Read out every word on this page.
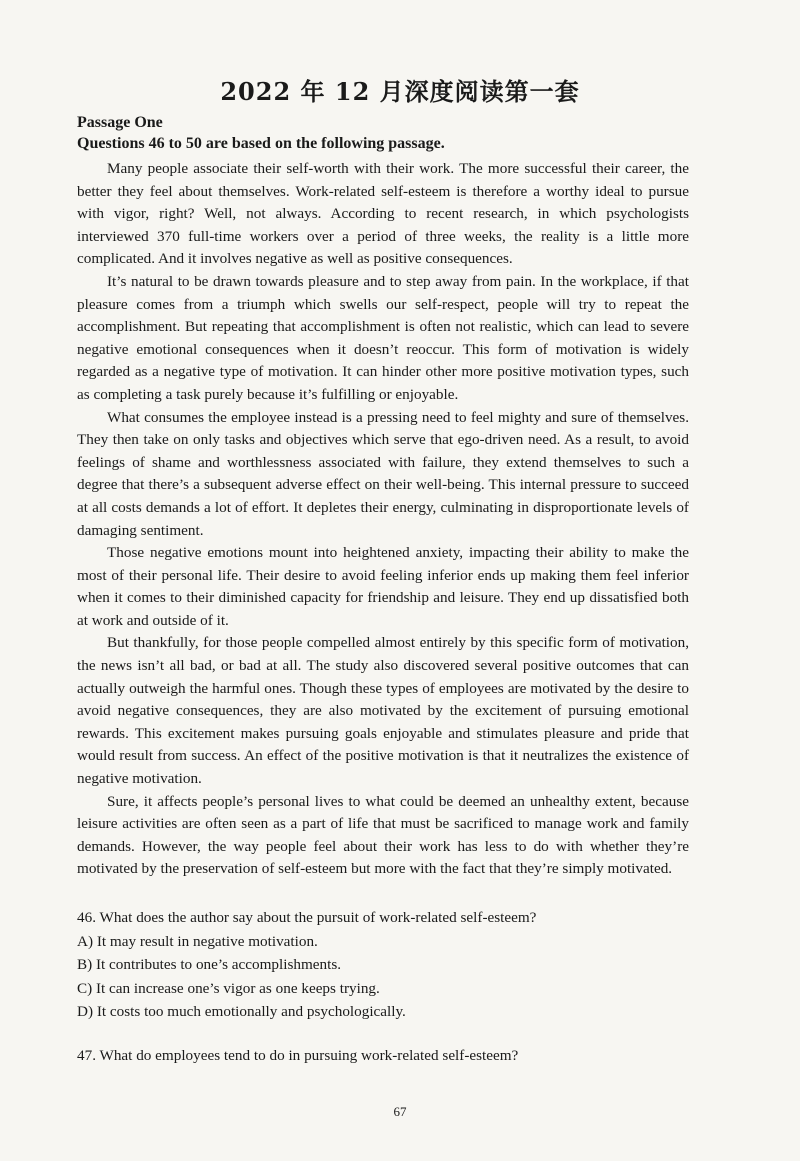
2022 年 12 月深度阅读第一套
Passage One
Questions 46 to 50 are based on the following passage.

Many people associate their self-worth with their work. The more successful their career, the better they feel about themselves. Work-related self-esteem is therefore a worthy ideal to pursue with vigor, right? Well, not always. According to recent research, in which psychologists interviewed 370 full-time workers over a period of three weeks, the reality is a little more complicated. And it involves negative as well as positive consequences.

It’s natural to be drawn towards pleasure and to step away from pain. In the workplace, if that pleasure comes from a triumph which swells our self-respect, people will try to repeat the accomplishment. But repeating that accomplishment is often not realistic, which can lead to severe negative emotional consequences when it doesn’t reoccur. This form of motivation is widely regarded as a negative type of motivation. It can hinder other more positive motivation types, such as completing a task purely because it’s fulfilling or enjoyable.

What consumes the employee instead is a pressing need to feel mighty and sure of themselves. They then take on only tasks and objectives which serve that ego-driven need. As a result, to avoid feelings of shame and worthlessness associated with failure, they extend themselves to such a degree that there’s a subsequent adverse effect on their well-being. This internal pressure to succeed at all costs demands a lot of effort. It depletes their energy, culminating in disproportionate levels of damaging sentiment.

Those negative emotions mount into heightened anxiety, impacting their ability to make the most of their personal life. Their desire to avoid feeling inferior ends up making them feel inferior when it comes to their diminished capacity for friendship and leisure. They end up dissatisfied both at work and outside of it.

But thankfully, for those people compelled almost entirely by this specific form of motivation, the news isn’t all bad, or bad at all. The study also discovered several positive outcomes that can actually outweigh the harmful ones. Though these types of employees are motivated by the desire to avoid negative consequences, they are also motivated by the excitement of pursuing emotional rewards. This excitement makes pursuing goals enjoyable and stimulates pleasure and pride that would result from success. An effect of the positive motivation is that it neutralizes the existence of negative motivation.

Sure, it affects people’s personal lives to what could be deemed an unhealthy extent, because leisure activities are often seen as a part of life that must be sacrificed to manage work and family demands. However, the way people feel about their work has less to do with whether they’re motivated by the preservation of self-esteem but more with the fact that they’re simply motivated.

46. What does the author say about the pursuit of work-related self-esteem?

A) It may result in negative motivation.

B) It contributes to one’s accomplishments.

C) It can increase one’s vigor as one keeps trying.

D) It costs too much emotionally and psychologically.

47. What do employees tend to do in pursuing work-related self-esteem?
67
